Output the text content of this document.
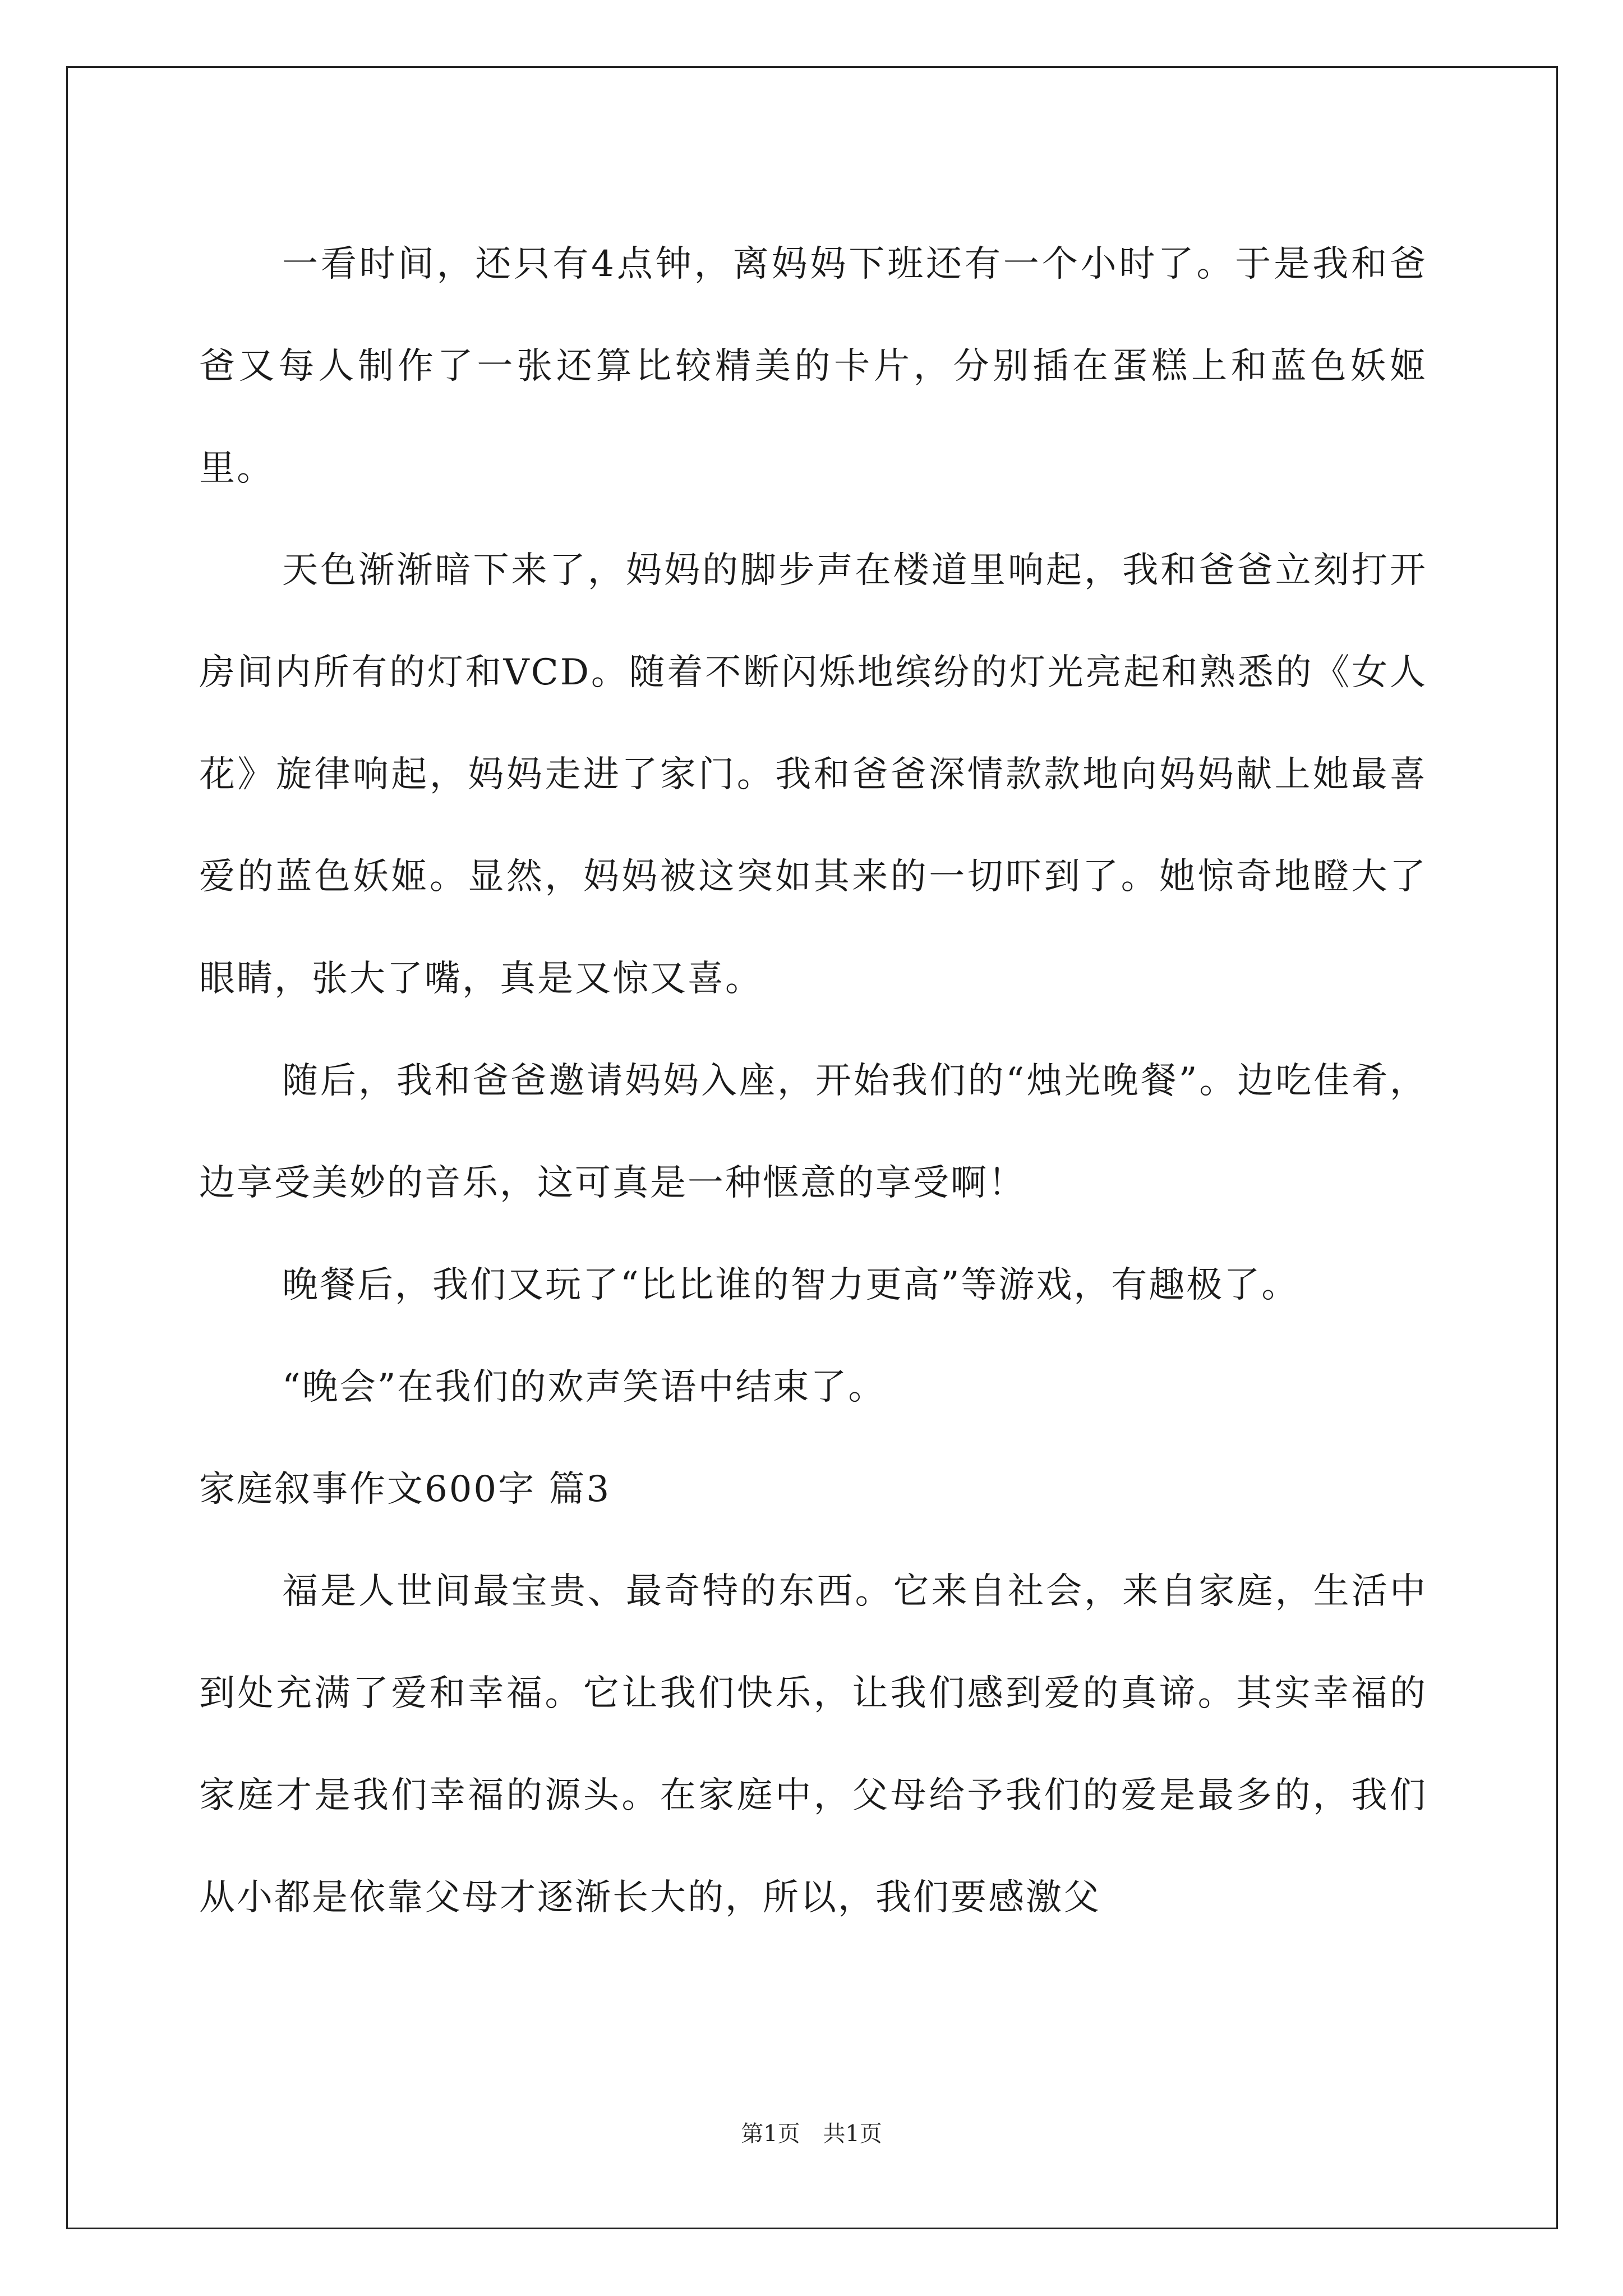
一看时间，还只有4点钟，离妈妈下班还有一个小时了。于是我和爸爸又每人制作了一张还算比较精美的卡片，分别插在蛋糕上和蓝色妖姬里。

天色渐渐暗下来了，妈妈的脚步声在楼道里响起，我和爸爸立刻打开房间内所有的灯和VCD。随着不断闪烁地缤纷的灯光亮起和熟悉的《女人花》旋律响起，妈妈走进了家门。我和爸爸深情款款地向妈妈献上她最喜爱的蓝色妖姬。显然，妈妈被这突如其来的一切吓到了。她惊奇地瞪大了眼睛，张大了嘴，真是又惊又喜。

随后，我和爸爸邀请妈妈入座，开始我们的“烛光晚餐”。边吃佳肴，边享受美妙的音乐，这可真是一种惬意的享受啊！

晚餐后，我们又玩了“比比谁的智力更高”等游戏，有趣极了。

“晚会”在我们的欢声笑语中结束了。

家庭叙事作文600字 篇3

福是人世间最宝贵、最奇特的东西。它来自社会，来自家庭，生活中到处充满了爱和幸福。它让我们快乐，让我们感到爱的真谛。其实幸福的家庭才是我们幸福的源头。在家庭中，父母给予我们的爱是最多的，我们从小都是依靠父母才逐渐长大的，所以，我们要感激父

第1页 共1页
